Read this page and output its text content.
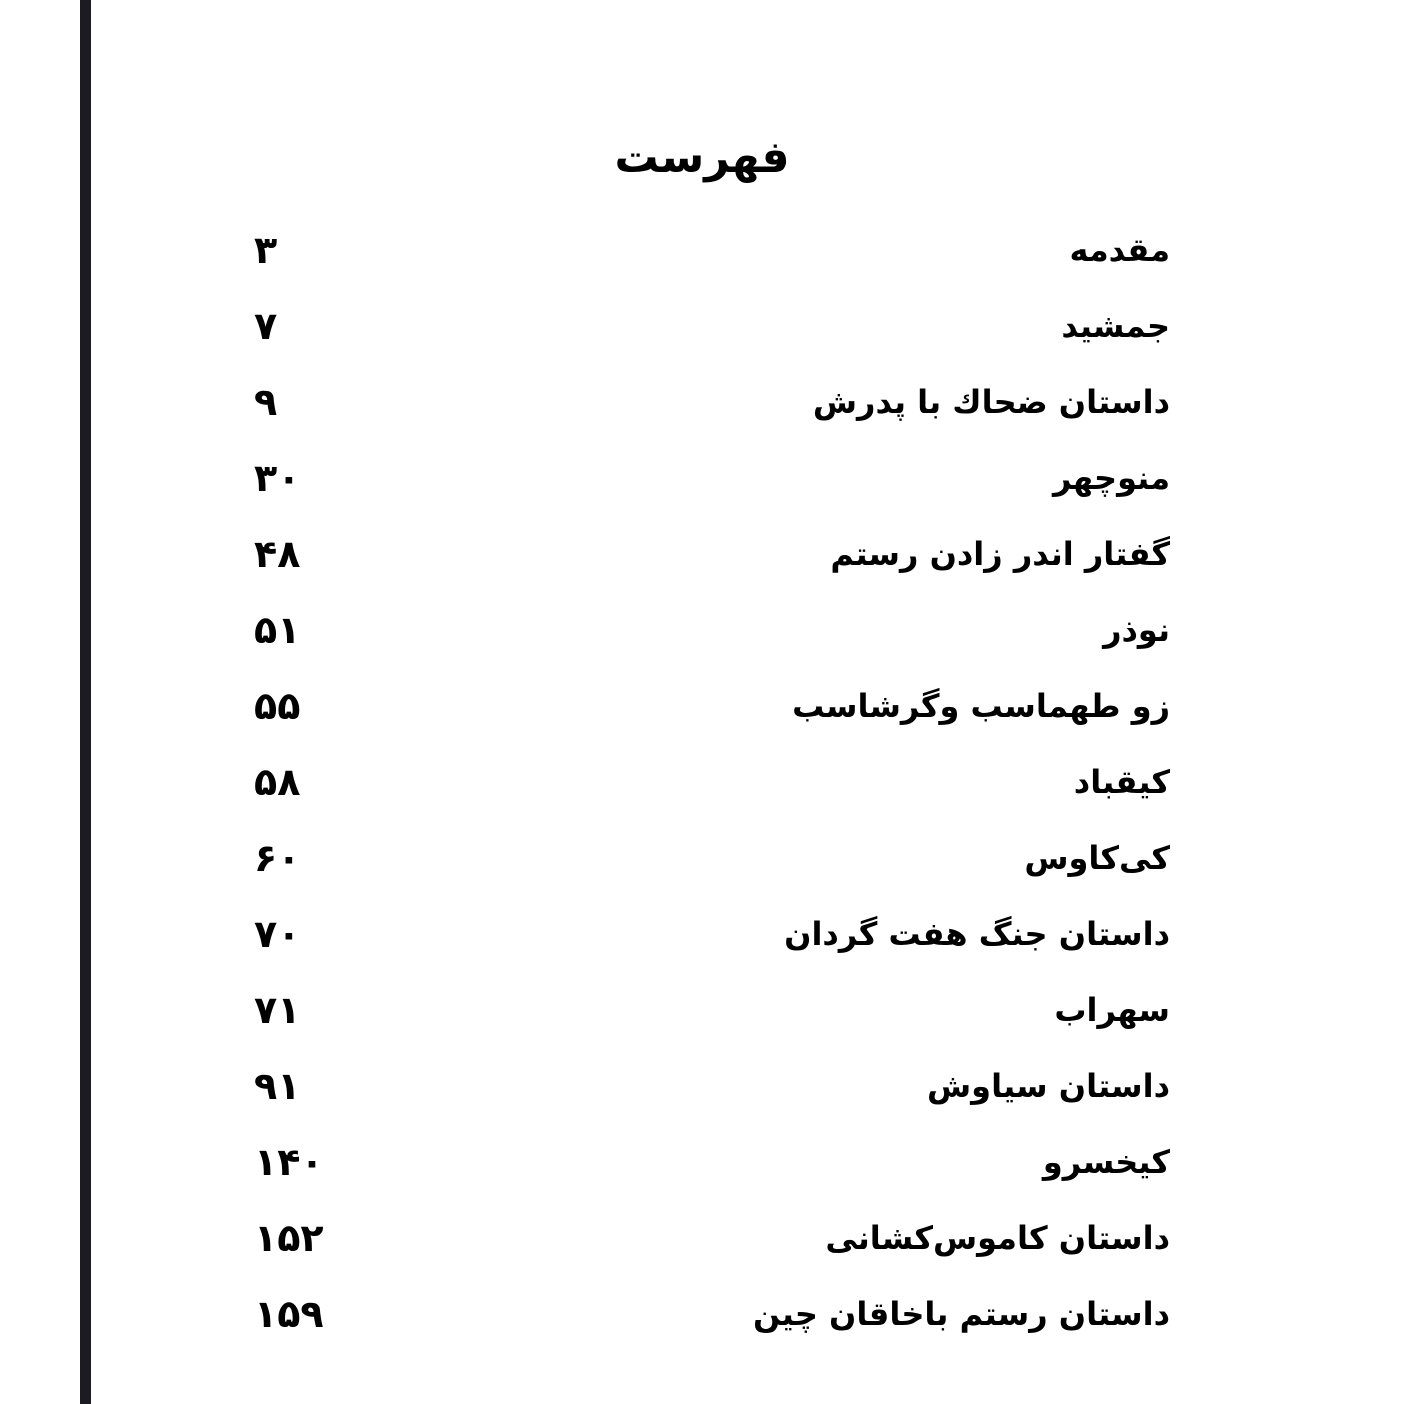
فهرست
مقدمه
۳
جمشید
۷
داستان ضحاك با پدرش
۹
منوچهر
۳۰
گفتار اندر زادن رستم
۴۸
نوذر
۵۱
زو طهماسب وگرشاسب
۵۵
کیقباد
۵۸
کی‌کاوس
۶۰
داستان جنگ هفت گردان
۷۰
سهراب
۷۱
داستان سیاوش
۹۱
کیخسرو
۱۴۰
داستان کاموس‌کشانی
۱۵۲
داستان رستم باخاقان چین
۱۵۹
